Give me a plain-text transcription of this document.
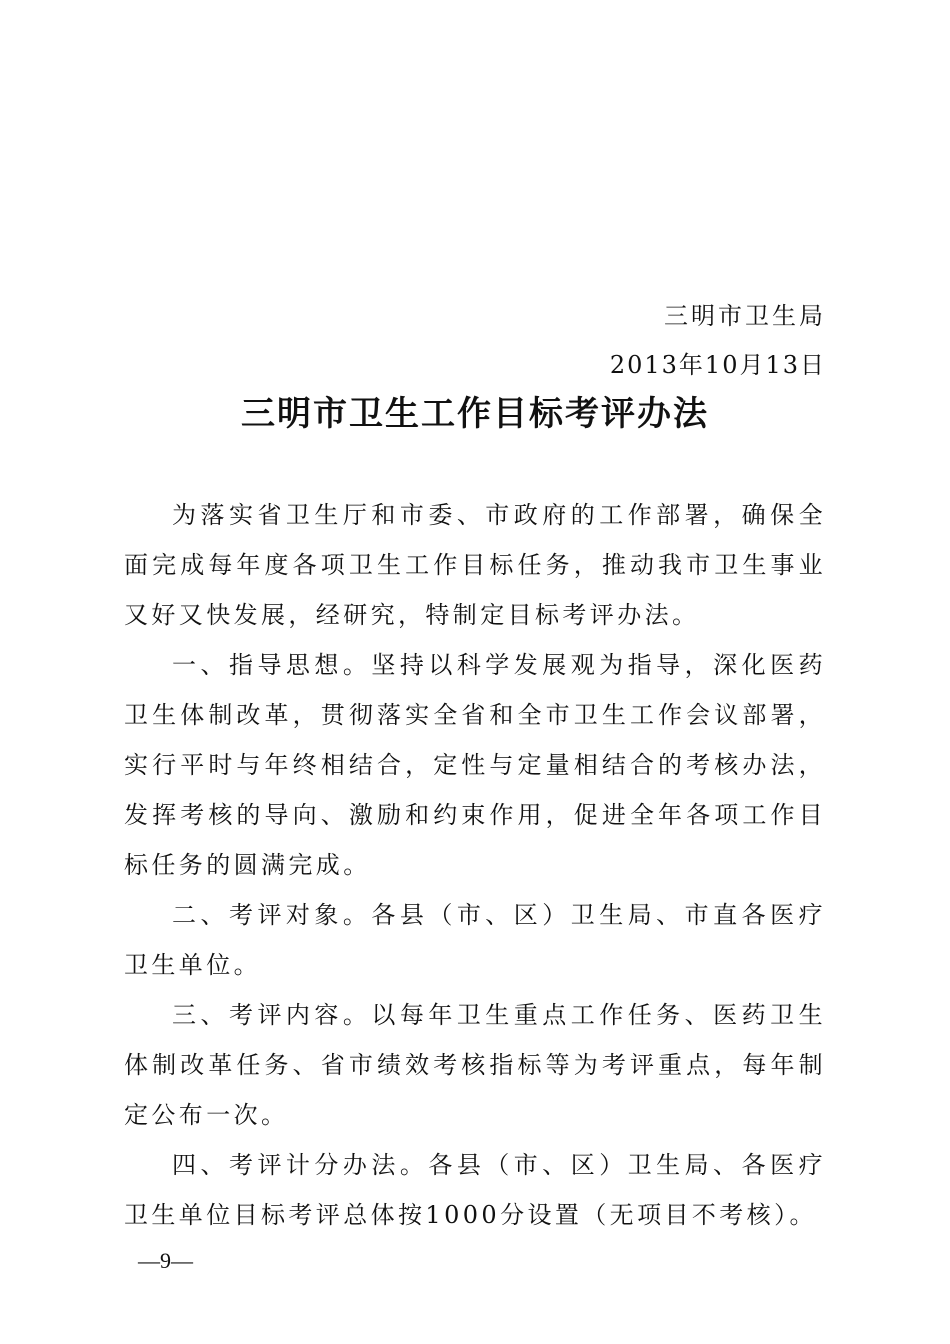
三明市卫生局
2013年10月13日
三明市卫生工作目标考评办法

为落实省卫生厅和市委、市政府的工作部署，确保全面完成每年度各项卫生工作目标任务，推动我市卫生事业又好又快发展，经研究，特制定目标考评办法。

一、指导思想。坚持以科学发展观为指导，深化医药卫生体制改革，贯彻落实全省和全市卫生工作会议部署，实行平时与年终相结合，定性与定量相结合的考核办法，发挥考核的导向、激励和约束作用，促进全年各项工作目标任务的圆满完成。

二、考评对象。各县（市、区）卫生局、市直各医疗卫生单位。

三、考评内容。以每年卫生重点工作任务、医药卫生体制改革任务、省市绩效考核指标等为考评重点，每年制定公布一次。

四、考评计分办法。各县（市、区）卫生局、各医疗卫生单位目标考评总体按1000分设置（无项目不考核）。

—9—
